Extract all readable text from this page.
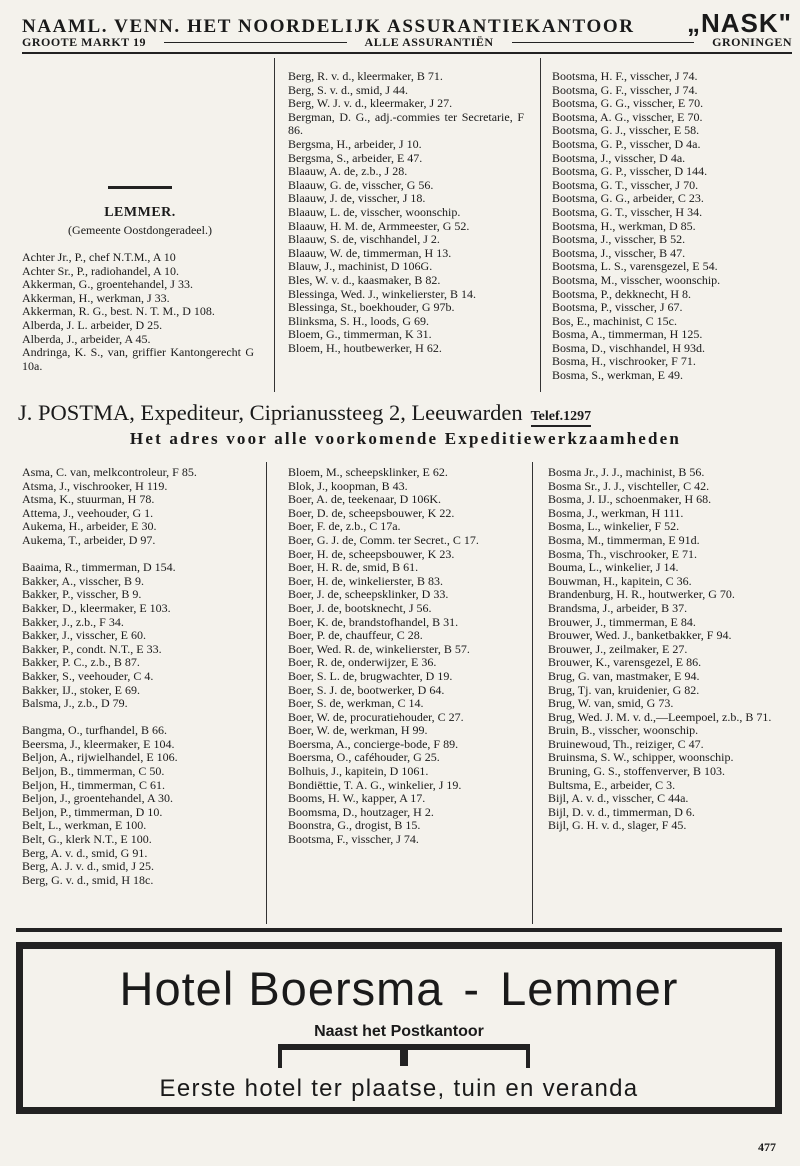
NAAML. VENN. HET NOORDELIJK ASSURANTIEKANTOOR „NASK"
GROOTE MARKT 19	ALLE ASSURANTIËN	GRONINGEN
LEMMER.
(Gemeente Oostdongeradeel.)
Achter Jr., P., chef N.T.M., A 10
Achter Sr., P., radiohandel, A 10.
Akkerman, G., groentehandel, J 33.
Akkerman, H., werkman, J 33.
Akkerman, R. G., best. N. T. M., D 108.
Alberda, J. L. arbeider, D 25.
Alberda, J., arbeider, A 45.
Andringa, K. S., van, griffier Kantongerecht G 10a.
Berg, R. v. d., kleermaker, B 71.
Berg, S. v. d., smid, J 44.
Berg, W. J. v. d., kleermaker, J 27.
Bergman, D. G., adj.-commies ter Secretarie, F 86.
Bergsma, H., arbeider, J 10.
Bergsma, S., arbeider, E 47.
Blaauw, A. de, z.b., J 28.
Blaauw, G. de, visscher, G 56.
Blaauw, J. de, visscher, J 18.
Blaauw, L. de, visscher, woonschip.
Blaauw, H. M. de, Armmeester, G 52.
Blaauw, S. de, vischhandel, J 2.
Blaauw, W. de, timmerman, H 13.
Blauw, J., machinist, D 106G.
Bles, W. v. d., kaasmaker, B 82.
Blessinga, Wed. J., winkelierster, B 14.
Blessinga, St., boekhouder, G 97b.
Blinksma, S. H., loods, G 69.
Bloem, G., timmerman, K 31.
Bloem, H., houtbewerker, H 62.
Bootsma, H. F., visscher, J 74.
Bootsma, G. F., visscher, J 74.
Bootsma, G. G., visscher, E 70.
Bootsma, A. G., visscher, E 70.
Bootsma, G. J., visscher, E 58.
Bootsma, G. P., visscher, D 4a.
Bootsma, J., visscher, D 4a.
Bootsma, G. P., visscher, D 144.
Bootsma, G. T., visscher, J 70.
Bootsma, G. G., arbeider, C 23.
Bootsma, G. T., visscher, H 34.
Bootsma, H., werkman, D 85.
Bootsma, J., visscher, B 52.
Bootsma, J., visscher, B 47.
Bootsma, L. S., varensgezel, E 54.
Bootsma, M., visscher, woonschip.
Bootsma, P., dekknecht, H 8.
Bootsma, P., visscher, J 67.
Bos, E., machinist, C 15c.
Bosma, A., timmerman, H 125.
Bosma, D., vischhandel, H 93d.
Bosma, H., vischrooker, F 71.
Bosma, S., werkman, E 49.
J. POSTMA, Expediteur, Ciprianussteeg 2, Leeuwarden Telef.1297
Het adres voor alle voorkomende Expeditiewerkzaamheden
Asma, C. van, melkcontroleur, F 85.
Atsma, J., vischrooker, H 119.
Atsma, K., stuurman, H 78.
Attema, J., veehouder, G 1.
Aukema, H., arbeider, E 30.
Aukema, T., arbeider, D 97.
Baaima, R., timmerman, D 154.
Bakker, A., visscher, B 9.
Bakker, P., visscher, B 9.
Bakker, D., kleermaker, E 103.
Bakker, J., z.b., F 34.
Bakker, J., visscher, E 60.
Bakker, P., condt. N.T., E 33.
Bakker, P. C., z.b., B 87.
Bakker, S., veehouder, C 4.
Bakker, IJ., stoker, E 69.
Balsma, J., z.b., D 79.
Bangma, O., turfhandel, B 66.
Beersma, J., kleermaker, E 104.
Beljon, A., rijwielhandel, E 106.
Beljon, B., timmerman, C 50.
Beljon, H., timmerman, C 61.
Beljon, J., groentehandel, A 30.
Beljon, P., timmerman, D 10.
Belt, L., werkman, E 100.
Belt, G., klerk N.T., E 100.
Berg, A. v. d., smid, G 91.
Berg, A. J. v. d., smid, J 25.
Berg, G. v. d., smid, H 18c.
Bloem, M., scheepsklinker, E 62.
Blok, J., koopman, B 43.
Boer, A. de, teekenaar, D 106K.
Boer, D. de, scheepsbouwer, K 22.
Boer, F. de, z.b., C 17a.
Boer, G. J. de, Comm. ter Secret., C 17.
Boer, H. de, scheepsbouwer, K 23.
Boer, H. R. de, smid, B 61.
Boer, H. de, winkelierster, B 83.
Boer, J. de, scheepsklinker, D 33.
Boer, J. de, bootsknecht, J 56.
Boer, K. de, brandstofhandel, B 31.
Boer, P. de, chauffeur, C 28.
Boer, Wed. R. de, winkelierster, B 57.
Boer, R. de, onderwijzer, E 36.
Boer, S. L. de, brugwachter, D 19.
Boer, S. J. de, bootwerker, D 64.
Boer, S. de, werkman, C 14.
Boer, W. de, procuratiehouder, C 27.
Boer, W. de, werkman, H 99.
Boersma, A., concierge-bode, F 89.
Boersma, O., caféhouder, G 25.
Bolhuis, J., kapitein, D 1061.
Bondiëttie, T. A. G., winkelier, J 19.
Booms, H. W., kapper, A 17.
Boomsma, D., houtzager, H 2.
Boonstra, G., drogist, B 15.
Bootsma, F., visscher, J 74.
Bosma Jr., J. J., machinist, B 56.
Bosma Sr., J. J., vischteller, C 42.
Bosma, J. IJ., schoenmaker, H 68.
Bosma, J., werkman, H 111.
Bosma, L., winkelier, F 52.
Bosma, M., timmerman, E 91d.
Bosma, Th., vischrooker, E 71.
Bouma, L., winkelier, J 14.
Bouwman, H., kapitein, C 36.
Brandenburg, H. R., houtwerker, G 70.
Brandsma, J., arbeider, B 37.
Brouwer, J., timmerman, E 84.
Brouwer, Wed. J., banketbakker, F 94.
Brouwer, J., zeilmaker, E 27.
Brouwer, K., varensgezel, E 86.
Brug, G. van, mastmaker, E 94.
Brug, Tj. van, kruidenier, G 82.
Brug, W. van, smid, G 73.
Brug, Wed. J. M. v. d.,—Leempoel, z.b., B 71.
Bruin, B., visscher, woonschip.
Bruinewoud, Th., reiziger, C 47.
Bruinsma, S. W., schipper, woonschip.
Bruning, G. S., stoffenverver, B 103.
Bultsma, E., arbeider, C 3.
Bijl, A. v. d., visscher, C 44a.
Bijl, D. v. d., timmerman, D 6.
Bijl, G. H. v. d., slager, F 45.
Hotel Boersma - Lemmer
Naast het Postkantoor
Eerste hotel ter plaatse, tuin en veranda
477
